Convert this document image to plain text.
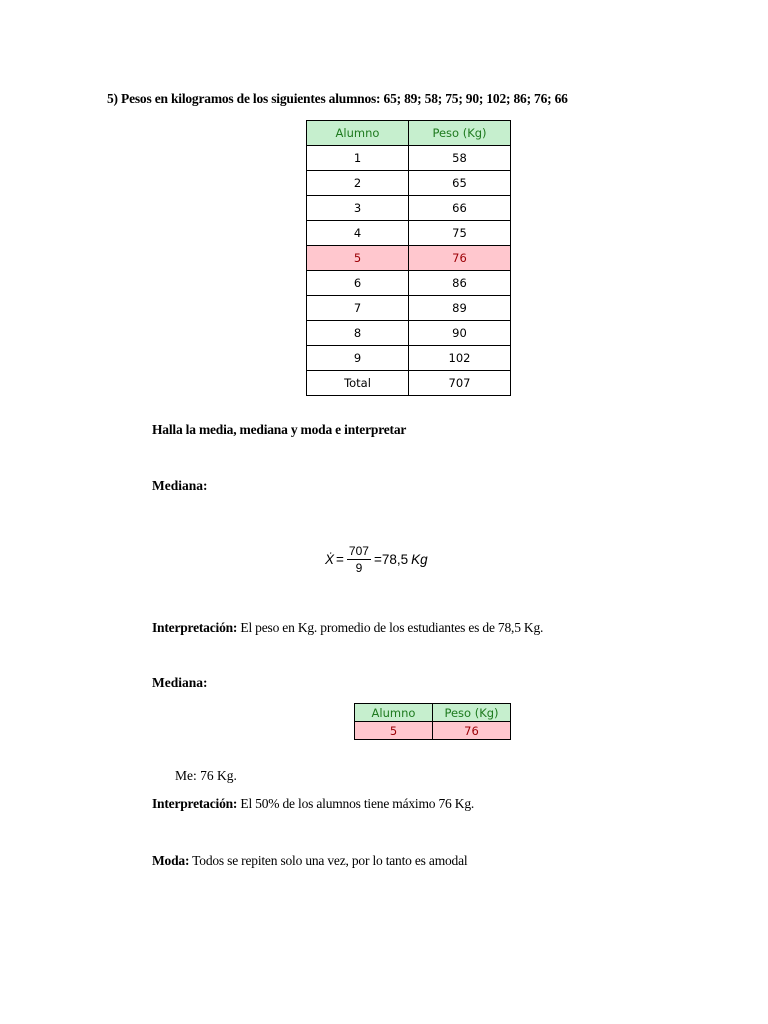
5) Pesos en kilogramos de los siguientes alumnos: 65; 89; 58; 75; 90; 102; 86; 76; 66
Alumno	Peso (Kg)
1	58
2	65
3	66
4	75
5	76
6	86
7	89
8	90
9	102
Total	707
Halla la media, mediana y moda e interpretar
Mediana:
Ẋ = $\frac{707}{9} =78,5$ Kg
Interpretación: El peso en Kg. promedio de los estudiantes es de 78,5 Kg.
Mediana:
Alumno	Peso (Kg)
5	76
Me: 76 Kg.
Interpretación: El 50% de los alumnos tiene máximo 76 Kg.
Moda: Todos se repiten solo una vez, por lo tanto es amodal
